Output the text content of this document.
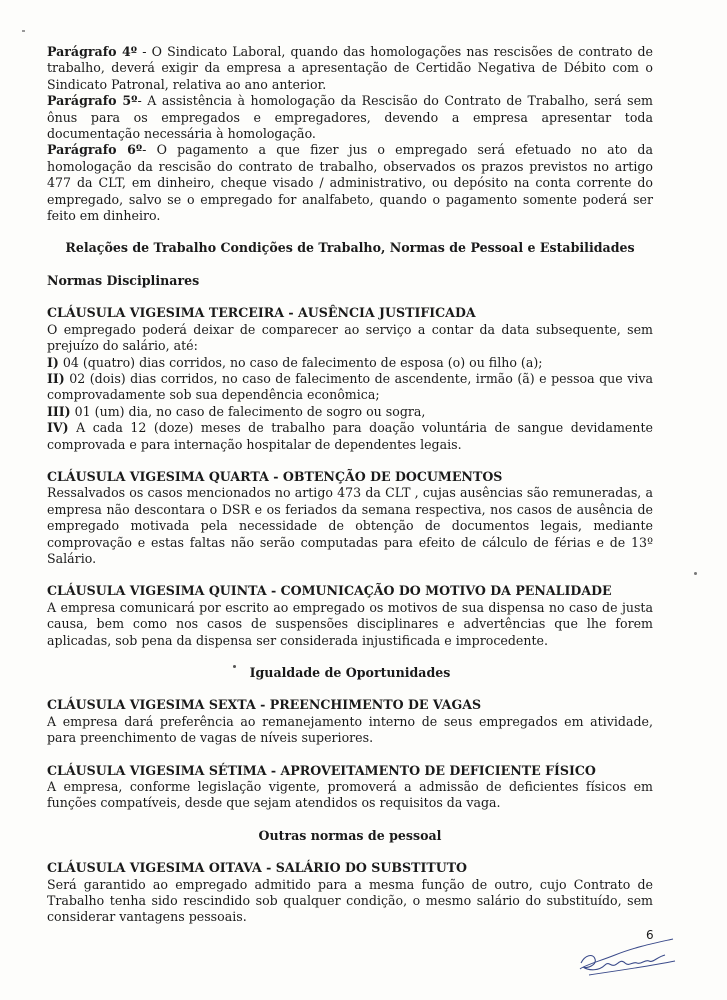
Parágrafo 4º - O Sindicato Laboral, quando das homologações nas rescisões de contrato de trabalho, deverá exigir da empresa a apresentação de Certidão Negativa de Débito com o Sindicato Patronal, relativa ao ano anterior.

Parágrafo 5º- A assistência à homologação da Rescisão do Contrato de Trabalho, será sem ônus para os empregados e empregadores, devendo a empresa apresentar toda documentação necessária à homologação.

Parágrafo 6º- O pagamento a que fizer jus o empregado será efetuado no ato da homologação da rescisão do contrato de trabalho, observados os prazos previstos no artigo 477 da CLT, em dinheiro, cheque visado / administrativo, ou depósito na conta corrente do empregado, salvo se o empregado for analfabeto, quando o pagamento somente poderá ser feito em dinheiro.

Relações de Trabalho Condições de Trabalho, Normas de Pessoal e Estabilidades

Normas Disciplinares

CLÁUSULA VIGESIMA TERCEIRA - AUSÊNCIA JUSTIFICADA

O empregado poderá deixar de comparecer ao serviço a contar da data subsequente, sem prejuízo do salário, até:

I) 04 (quatro) dias corridos, no caso de falecimento de esposa (o) ou filho (a);

II) 02 (dois) dias corridos, no caso de falecimento de ascendente, irmão (ã) e pessoa que viva comprovadamente sob sua dependência econômica;

III) 01 (um) dia, no caso de falecimento de sogro ou sogra,

IV) A cada 12 (doze) meses de trabalho para doação voluntária de sangue devidamente comprovada e para internação hospitalar de dependentes legais.

CLÁUSULA VIGESIMA QUARTA - OBTENÇÃO DE DOCUMENTOS

Ressalvados os casos mencionados no artigo 473 da CLT , cujas ausências são remuneradas, a empresa não descontara o DSR e os feriados da semana respectiva, nos casos de ausência de empregado motivada pela necessidade de obtenção de documentos legais, mediante comprovação e estas faltas não serão computadas para efeito de cálculo de férias e de 13º Salário.

CLÁUSULA VIGESIMA QUINTA - COMUNICAÇÃO DO MOTIVO DA PENALIDADE

A empresa comunicará por escrito ao empregado os motivos de sua dispensa no caso de justa causa, bem como nos casos de suspensões disciplinares e advertências que lhe forem aplicadas, sob pena da dispensa ser considerada injustificada e improcedente.

Igualdade de Oportunidades

CLÁUSULA VIGESIMA SEXTA - PREENCHIMENTO DE VAGAS

A empresa dará preferência ao remanejamento interno de seus empregados em atividade, para preenchimento de vagas de níveis superiores.

CLÁUSULA VIGESIMA SÉTIMA - APROVEITAMENTO DE DEFICIENTE FÍSICO

A empresa, conforme legislação vigente, promoverá a admissão de deficientes físicos em funções compatíveis, desde que sejam atendidos os requisitos da vaga.

Outras normas de pessoal

CLÁUSULA VIGESIMA OITAVA - SALÁRIO DO SUBSTITUTO

Será garantido ao empregado admitido para a mesma função de outro, cujo Contrato de Trabalho tenha sido rescindido sob qualquer condição, o mesmo salário do substituído, sem considerar vantagens pessoais.

6
